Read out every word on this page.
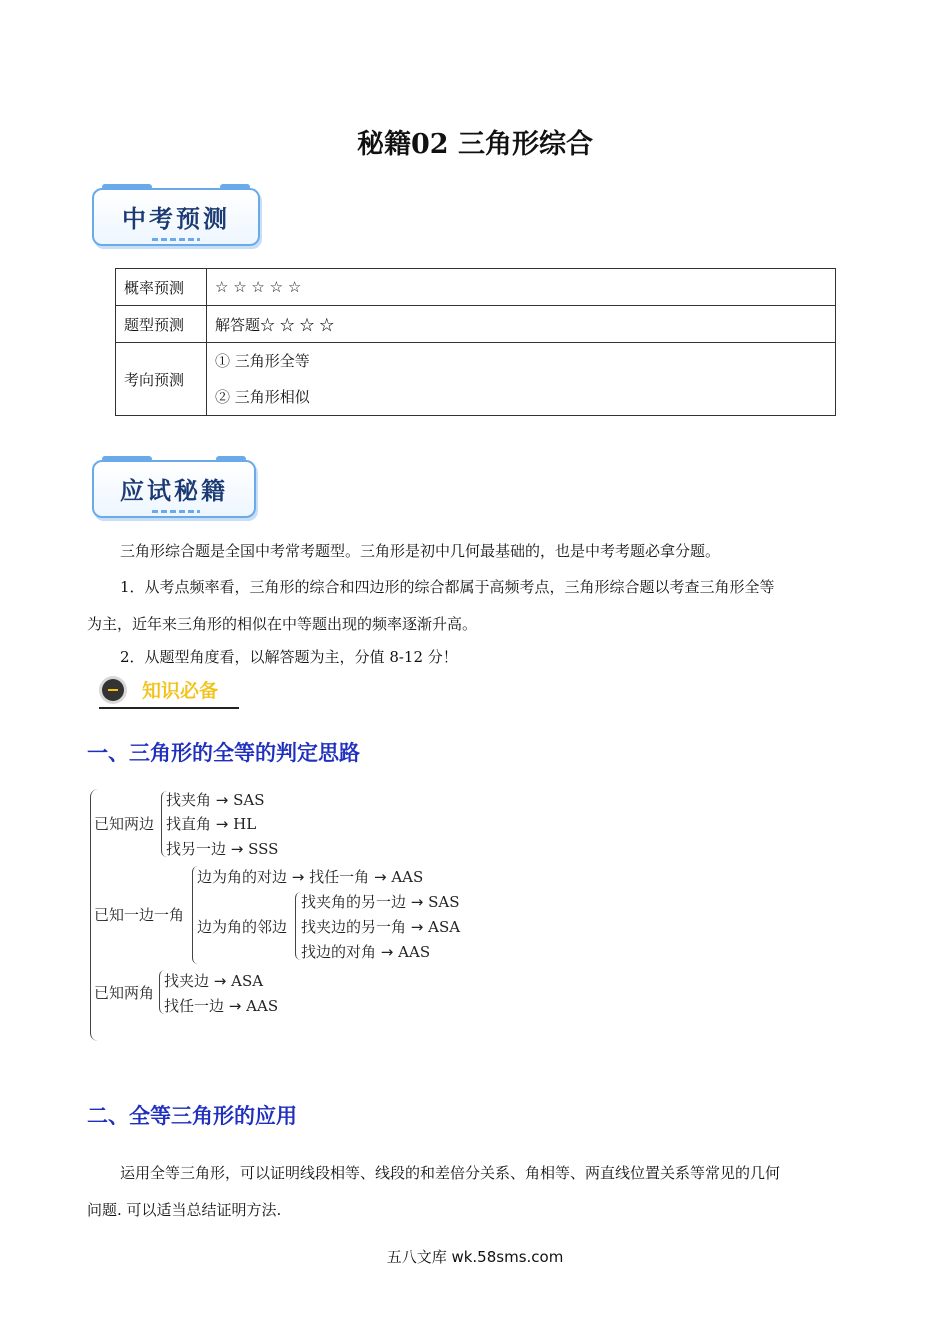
秘籍02 三角形综合
中考预测
概率预测	☆ ☆ ☆ ☆ ☆
题型预测	解答题☆ ☆ ☆ ☆
考向预测	① 三角形全等
② 三角形相似
应试秘籍
三角形综合题是全国中考常考题型。三角形是初中几何最基础的，也是中考考题必拿分题。
1．从考点频率看，三角形的综合和四边形的综合都属于高频考点，三角形综合题以考查三角形全等
为主，近年来三角形的相似在中等题出现的频率逐渐升高。
2．从题型角度看，以解答题为主，分值 8-12 分！
知识必备
一、三角形的全等的判定思路
已知两边
找夹角 → SAS
找直角 → HL
找另一边 → SSS
已知一边一角
边为角的对边 → 找任一角 → AAS
边为角的邻边
找夹角的另一边 → SAS
找夹边的另一角 → ASA
找边的对角 → AAS
已知两角
找夹边 → ASA
找任一边 → AAS
二、全等三角形的应用
运用全等三角形，可以证明线段相等、线段的和差倍分关系、角相等、两直线位置关系等常见的几何
问题. 可以适当总结证明方法.
五八文库 wk.58sms.com
